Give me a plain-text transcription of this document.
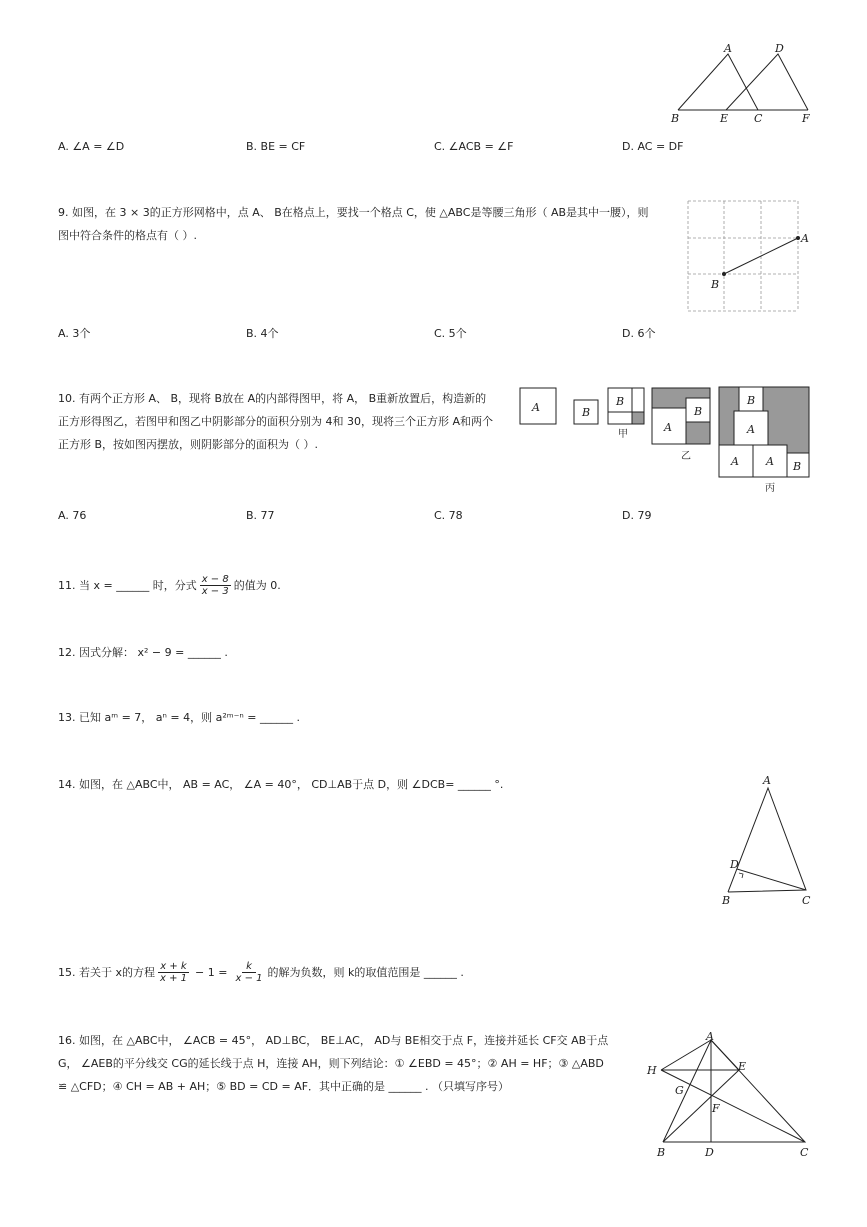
A	D
B	E C	F
A. ∠A = ∠D	B. BE = CF	C. ∠ACB = ∠F	D. AC = DF
9. 如图，在 3 × 3的正方形网格中，点 A、 B在格点上，要找一个格点 C，使 △ABC是等腰三角形（ AB是其中一腰），则
图中符合条件的格点有（ ）.	A
B
A. 3个	B. 4个	C. 5个	D. 6个
10. 有两个正方形 A、 B，现将 B放在 A的内部得图甲，将 A， B重新放置后，构造新的
正方形得图乙，若图甲和图乙中阴影部分的面积分别为 4和 30，现将三个正方形 A和两个
正方形 B，按如图丙摆放，则阴影部分的面积为（ ）.
A	B
B
甲
A
B
乙
B
A
A A B
丙
A. 76	B. 77	C. 78	D. 79
11. 当 x = ______ 时，分式 $\frac{x - 8}{x - 3}$ 的值为 0.
12. 因式分解： x² − 9 = ______ .
13. 已知 aᵐ = 7， aⁿ = 4，则 a²ᵐ⁻ⁿ = ______ .
14. 如图，在 △ABC中， AB = AC， ∠A = 40°， CD⊥AB于点 D，则 ∠DCB= ______ °.	A
D
B	C
15. 若关于 x的方程 $\frac{x + k}{x + 1} - 1 = \frac{k}{x - 1}$ 的解为负数，则 k的取值范围是 ______ .
16. 如图，在 △ABC中， ∠ACB = 45°， AD⊥BC， BE⊥AC， AD与 BE相交于点 F，连接并延长 CF交 AB于点
G， ∠AEB的平分线交 CG的延长线于点 H，连接 AH，则下列结论：① ∠EBD = 45°；② AH = HF；③ △ABD
≌ △CFD；④ CH = AB + AH；⑤ BD = CD = AF．其中正确的是 ______ . （只填写序号）
A
H	E
G
F
B	D	C
